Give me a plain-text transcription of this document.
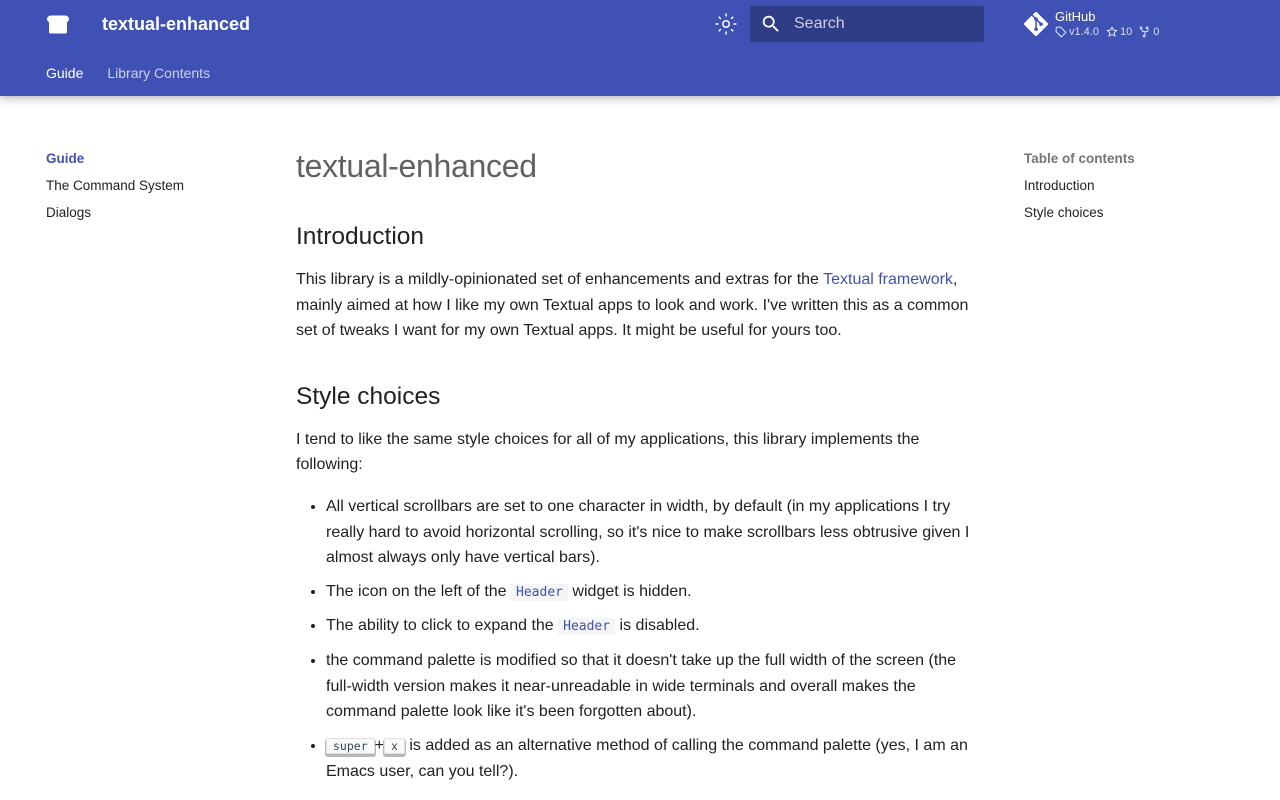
textual-enhanced
Search	GitHub
v1.4.0 10 0
Guide Library Contents
Guide
The Command System
Dialogs
Table of contents
Introduction
Style choices
textual-enhanced
Introduction

This library is a mildly-opinionated set of enhancements and extras for the Textual framework, mainly aimed at how I like my own Textual apps to look and work. I've written this as a common set of tweaks I want for my own Textual apps. It might be useful for yours too.

Style choices

I tend to like the same style choices for all of my applications, this library implements the following:

• All vertical scrollbars are set to one character in width, by default (in my applications I try really hard to avoid horizontal scrolling, so it's nice to make scrollbars less obtrusive given I almost always only have vertical bars).
• The icon on the left of the Header widget is hidden.
• The ability to click to expand the Header is disabled.
• the command palette is modified so that it doesn't take up the full width of the screen (the full-width version makes it near-unreadable in wide terminals and overall makes the command palette look like it's been forgotten about).
• super + x is added as an alternative method of calling the command palette (yes, I am an Emacs user, can you tell?).
